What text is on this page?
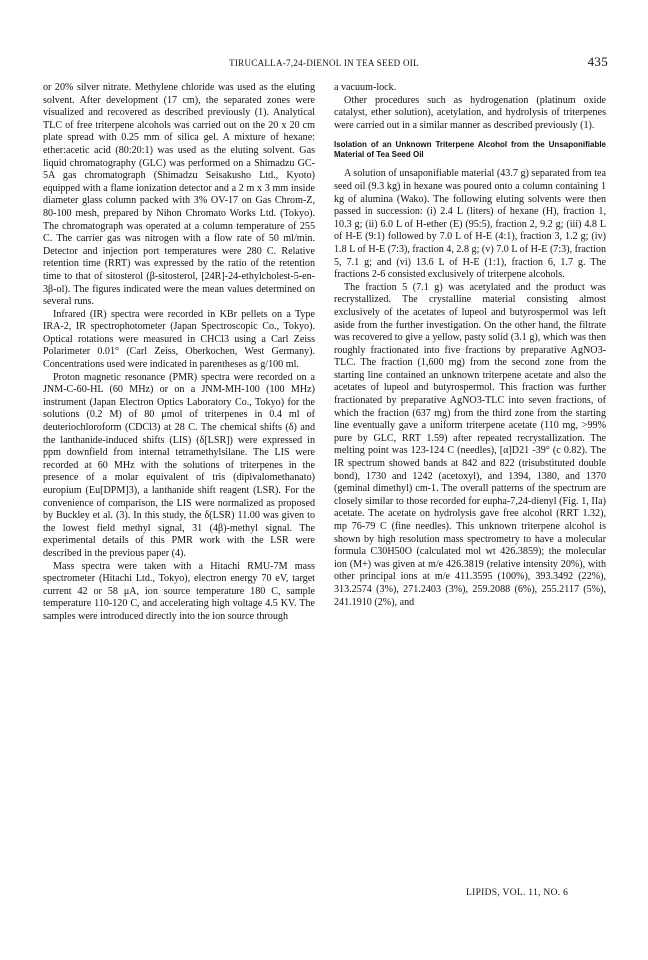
TIRUCALLA-7,24-DIENOL IN TEA SEED OIL	435

or 20% silver nitrate. Methylene chloride was used as the eluting solvent. After development (17 cm), the separated zones were visualized and recovered as described previously (1). Analytical TLC of free triterpene alcohols was carried out on the 20 x 20 cm plate spread with 0.25 mm of silica gel. A mixture of hexane: ether:acetic acid (80:20:1) was used as the eluting solvent. Gas liquid chromatography (GLC) was performed on a Shimadzu GC-5A gas chromatograph (Shimadzu Seisakusho Ltd., Kyoto) equipped with a flame ionization detector and a 2 m x 3 mm inside diameter glass column packed with 3% OV-17 on Gas Chrom-Z, 80-100 mesh, prepared by Nihon Chromato Works Ltd. (Tokyo). The chromatograph was operated at a column temperature of 255 C. The carrier gas was nitrogen with a flow rate of 50 ml/min. Detector and injection port temperatures were 280 C. Relative retention time (RRT) was expressed by the ratio of the retention time to that of sitosterol (β-sitosterol, [24R]-24-ethylcholest-5-en-3β-ol). The figures indicated were the mean values determined on several runs.

Infrared (IR) spectra were recorded in KBr pellets on a Type IRA-2, IR spectrophotometer (Japan Spectroscopic Co., Tokyo). Optical rotations were measured in CHCl3 using a Carl Zeiss Polarimeter 0.01° (Carl Zeiss, Oberkochen, West Germany). Concentrations used were indicated in parentheses as g/100 ml.

Proton magnetic resonance (PMR) spectra were recorded on a JNM-C-60-HL (60 MHz) or on a JNM-MH-100 (100 MHz) instrument (Japan Electron Optics Laboratory Co., Tokyo) for the solutions (0.2 M) of 80 μmol of triterpenes in 0.4 ml of deuteriochloroform (CDCl3) at 28 C. The chemical shifts (δ) and the lanthanide-induced shifts (LIS) (δ[LSR]) were expressed in ppm downfield from internal tetramethylsilane. The LIS were recorded at 60 MHz with the solutions of triterpenes in the presence of a molar equivalent of tris (dipivalomethanato) europium (Eu[DPM]3), a lanthanide shift reagent (LSR). For the convenience of comparison, the LIS were normalized as proposed by Buckley et al. (3). In this study, the δ(LSR) 11.00 was given to the lowest field methyl signal, 31 (4β)-methyl signal. The experimental details of this PMR work with the LSR were described in the previous paper (4).

Mass spectra were taken with a Hitachi RMU-7M mass spectrometer (Hitachi Ltd., Tokyo), electron energy 70 eV, target current 42 or 58 μA, ion source temperature 180 C, sample temperature 110-120 C, and accelerating high voltage 4.5 KV. The samples were introduced directly into the ion source through

a vacuum-lock.

Other procedures such as hydrogenation (platinum oxide catalyst, ether solution), acetylation, and hydrolysis of triterpenes were carried out in a similar manner as described previously (1).

Isolation of an Unknown Triterpene Alcohol from the Unsaponifiable Material of Tea Seed Oil

A solution of unsaponifiable material (43.7 g) separated from tea seed oil (9.3 kg) in hexane was poured onto a column containing 1 kg of alumina (Wako). The following eluting solvents were then passed in succession: (i) 2.4 L (liters) of hexane (H), fraction 1, 10.3 g; (ii) 6.0 L of H-ether (E) (95:5), fraction 2, 9.2 g; (iii) 4.8 L of H-E (9:1) followed by 7.0 L of H-E (4:1), fraction 3, 1.2 g; (iv) 1.8 L of H-E (7:3), fraction 4, 2.8 g; (v) 7.0 L of H-E (7:3), fraction 5, 7.1 g; and (vi) 13.6 L of H-E (1:1), fraction 6, 1.7 g. The fractions 2-6 consisted exclusively of triterpene alcohols.

The fraction 5 (7.1 g) was acetylated and the product was recrystallized. The crystalline material consisting almost exclusively of the acetates of lupeol and butyrospermol was left aside from the further investigation. On the other hand, the filtrate was recovered to give a yellow, pasty solid (3.1 g), which was then roughly fractionated into five fractions by preparative AgNO3-TLC. The fraction (1,600 mg) from the second zone from the starting line contained an unknown triterpene acetate and also the acetates of lupeol and butyrospermol. This fraction was further fractionated by preparative AgNO3-TLC into seven fractions, of which the fraction (637 mg) from the third zone from the starting line eventually gave a uniform triterpene acetate (110 mg, >99% pure by GLC, RRT 1.59) after repeated recrystallization. The melting point was 123-124 C (needles), [α]D21 -39° (c 0.82). The IR spectrum showed bands at 842 and 822 (trisubstituted double bond), 1730 and 1242 (acetoxyl), and 1394, 1380, and 1370 (geminal dimethyl) cm-1. The overall patterns of the spectrum are closely similar to those recorded for eupha-7,24-dienyl (Fig. 1, IIa) acetate. The acetate on hydrolysis gave free alcohol (RRT 1.32), mp 76-79 C (fine needles). This unknown triterpene alcohol is shown by high resolution mass spectrometry to have a molecular formula C30H50O (calculated mol wt 426.3859); the molecular ion (M+) was given at m/e 426.3819 (relative intensity 20%), with other principal ions at m/e 411.3595 (100%), 393.3492 (22%), 313.2574 (3%), 271.2403 (3%), 259.2088 (6%), 255.2117 (5%), 241.1910 (2%), and

LIPIDS, VOL. 11, NO. 6
